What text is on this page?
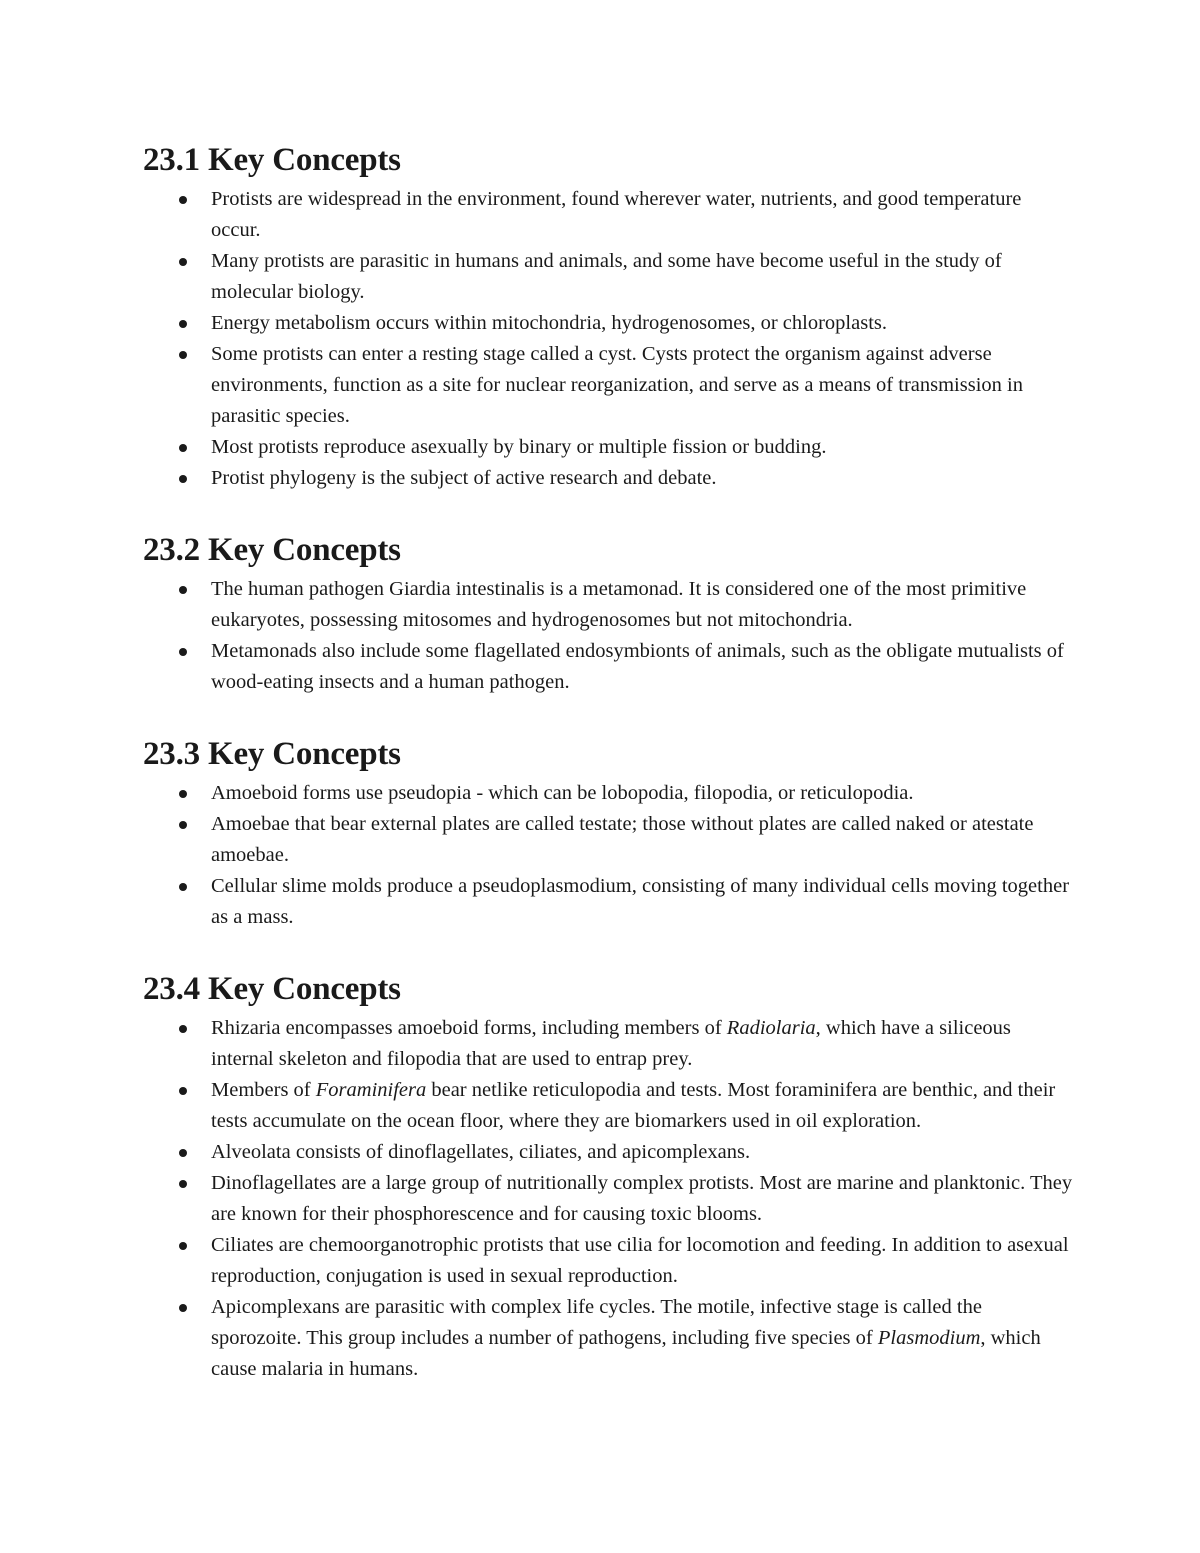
23.1 Key Concepts
Protists are widespread in the environment, found wherever water, nutrients, and good temperature occur.
Many protists are parasitic in humans and animals, and some have become useful in the study of molecular biology.
Energy metabolism occurs within mitochondria, hydrogenosomes, or chloroplasts.
Some protists can enter a resting stage called a cyst. Cysts protect the organism against adverse environments, function as a site for nuclear reorganization, and serve as a means of transmission in parasitic species.
Most protists reproduce asexually by binary or multiple fission or budding.
Protist phylogeny is the subject of active research and debate.
23.2 Key Concepts
The human pathogen Giardia intestinalis is a metamonad. It is considered one of the most primitive eukaryotes, possessing mitosomes and hydrogenosomes but not mitochondria.
Metamonads also include some flagellated endosymbionts of animals, such as the obligate mutualists of wood-eating insects and a human pathogen.
23.3 Key Concepts
Amoeboid forms use pseudopia - which can be lobopodia, filopodia, or reticulopodia.
Amoebae that bear external plates are called testate; those without plates are called naked or atestate amoebae.
Cellular slime molds produce a pseudoplasmodium, consisting of many individual cells moving together as a mass.
23.4 Key Concepts
Rhizaria encompasses amoeboid forms, including members of Radiolaria, which have a siliceous internal skeleton and filopodia that are used to entrap prey.
Members of Foraminifera bear netlike reticulopodia and tests. Most foraminifera are benthic, and their tests accumulate on the ocean floor, where they are biomarkers used in oil exploration.
Alveolata consists of dinoflagellates, ciliates, and apicomplexans.
Dinoflagellates are a large group of nutritionally complex protists. Most are marine and planktonic. They are known for their phosphorescence and for causing toxic blooms.
Ciliates are chemoorganotrophic protists that use cilia for locomotion and feeding. In addition to asexual reproduction, conjugation is used in sexual reproduction.
Apicomplexans are parasitic with complex life cycles. The motile, infective stage is called the sporozoite. This group includes a number of pathogens, including five species of Plasmodium, which cause malaria in humans.
